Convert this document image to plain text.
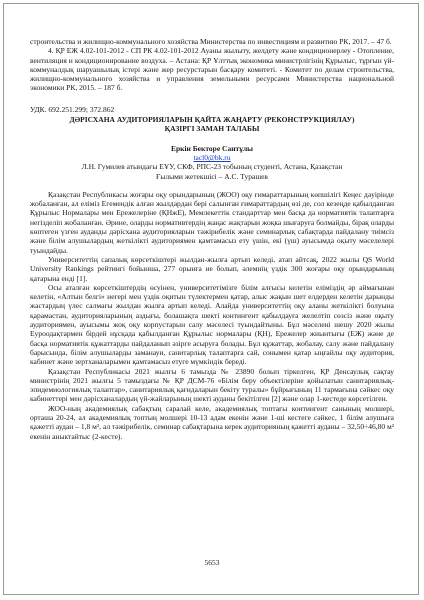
строительства и жилищно-коммунального хозяйства Министерства по инвестициям и развитию РК, 2017. – 47 б.

4. ҚР ЕЖ 4.02-101-2012 - СП РК 4.02-101-2012 Ауаны жылыту, желдету және кондиционерлеу - Отопление, вентиляция и кондиционирование воздуха. – Астана: ҚР Ұлттық экономика министрлігінің Құрылыс, тұрғын үй-коммуналдық шаруашылық істері және жер ресурстарын басқару комитеті. - Комитет по делам строительства, жилищно-коммунального хозяйства и управления земельными ресурсами Министерства национальной экономики РК, 2015. – 187 б.

УДК. 692.251.299; 372.862

ДӘРІСХАНА АУДИТОРИЯЛАРЫН ҚАЙТА ЖАҢАРТУ (РЕКОНСТРУКЦИЯЛАУ)
ҚАЗІРГІ ЗАМАН ТАЛАБЫ

Еркін Бекторе Сантұлы

tacl0@bk.ru

Л.Н. Гумилев атындағы ЕҰУ, СКФ, РПС-23 тобының студенті, Астана, Қазақстан

Ғылыми жетекшісі – А.С. Турашев

Қазақстан Республикасы жоғары оқу орындарының (ЖОО) оқу ғимараттарының көпшілігі Кеңес дәуірінде жобаланған, ал еліміз Егемендік алған жылдардан бері салынған ғимараттардың өзі де, сол кезеңде қабылданған Құрылыс Нормалары мен Ережелеріне (ҚНжЕ), Мемлекеттік стандарттар мен басқа да нормативтік талаптарға негізделіп жобаланған. Әрине, оларды нормативтердің жаңас жақтарын жоқка шығаруға болмайды, бірақ оларды көптеген үзген ауданды дәрісхана аудиторияларын тәжірибелік және семинарлық сабақтарда пайдалану тиімсіз және білім алушылардың жеткілікті аудиториямен қамтамасыз ету үшін, екі (үш) ауысымда оқыту мәселелері туындайды.

Университеттің сапалық көрсеткіштері жылдан-жылға артып келеді, атап айтсақ, 2022 жылы QS World University Rankings рейтингі бойынша, 277 орынға ие болып, әлемнің үздік 300 жоғары оқу орындарының қатарына енді [1].

Осы аталған көрсеткіштердің өсуінен, университетімізге білім алғысы келетін еліміздің әр аймағынан келетін, «Алтын белгі» иегері мен үздік оқитын түлектермен қатар, алыс жақын шет елдерден келетін дарынды жастардың үлес салмағы жылдан жылға артып келеді. Алайда университеттің оқу аланы жеткілікті болуына қарамастан, аудиторияларының аздығы, болашақта шекті контингент қабылдауға желелтіп сөзсіз және оқыту аудиториямен, ауысымы жоқ оқу корпустарын салу мәселесі туындайтыны. Бұл мәселені шешу 2020 жылы Еуроодақтармен бірдей нұсқада қабылданған Құрылыс нормалары (ҚН), Ережелер жиынтығы (ЕЖ) және де басқа нормативтік құжаттарды пайдаланып әзірге асыруға болады. Бұл құжаттар, жобалау, салу және пайдалану барысында, білім алушыларды заманауи, санитарлық талаптарға сай, сонымен қатар ыңғайлы оқу аудитория, кабинет және зертханаларымен қамтамасыз етуге мүмкіндік береді.

Қазақстан Республикасы 2021 жылғы 6 тамызда № 23890 болып тіркелген, ҚР Денсаулық сақтау министрінің 2021 жылғы 5 тамыздағы № ҚР ДСМ-76 «Білім беру объектілеріне қойылатын санитариялық-эпидемиологиялық талаптар», санитариялық қағидаларын бекіту туралы» бұйрығының 11 тармағына сәйкес оқу кабинеттері мен дәрісханалардың үй-жайларының шекті ауданы бекітілген [2] және олар 1-кестеде көрсетілген.

ЖОО-ның академиялық сабақтың саралай келе, академиялық топтағы контингент санының молшері, орташа 20-24, ал академиялық топтың молшері 10-13 адам екенін және 1-ші кестеге сәйкес, 1 білім алушыға қажетті аудан – 1,8 м², ал тәжірибелік, семинар сабақтарына керек аудиторияның қажетті ауданы – 32,50÷46,80 м² екенін аныктайтыс (2-кесте).

5653
